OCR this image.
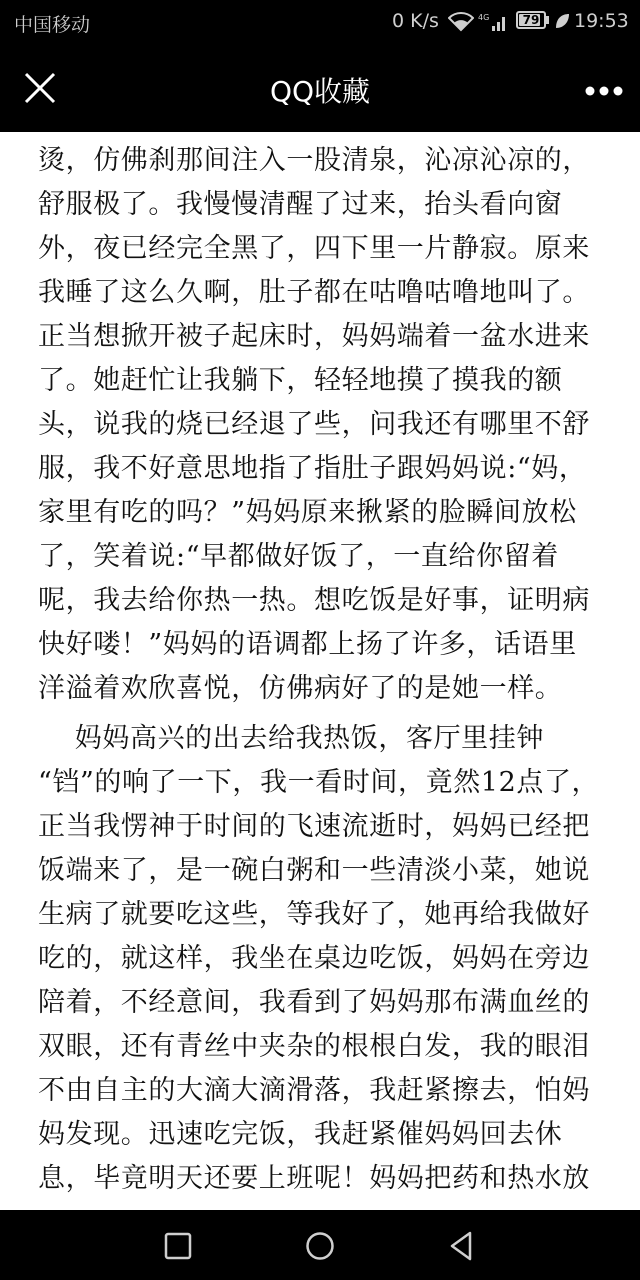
中国移动	0 K/s	4G	79	19:53
QQ收藏
烫，仿佛刹那间注入一股清泉，沁凉沁凉的，
舒服极了。我慢慢清醒了过来，抬头看向窗
外，夜已经完全黑了，四下里一片静寂。原来
我睡了这么久啊，肚子都在咕噜咕噜地叫了。
正当想掀开被子起床时，妈妈端着一盆水进来
了。她赶忙让我躺下，轻轻地摸了摸我的额
头，说我的烧已经退了些，问我还有哪里不舒
服，我不好意思地指了指肚子跟妈妈说:“妈，
家里有吃的吗？”妈妈原来揪紧的脸瞬间放松
了，笑着说:“早都做好饭了，一直给你留着
呢，我去给你热一热。想吃饭是好事，证明病
快好喽！”妈妈的语调都上扬了许多，话语里
洋溢着欢欣喜悦，仿佛病好了的是她一样。
　 妈妈高兴的出去给我热饭，客厅里挂钟
“铛”的响了一下，我一看时间，竟然12点了，
正当我愣神于时间的飞速流逝时，妈妈已经把
饭端来了，是一碗白粥和一些清淡小菜，她说
生病了就要吃这些，等我好了，她再给我做好
吃的，就这样，我坐在桌边吃饭，妈妈在旁边
陪着，不经意间，我看到了妈妈那布满血丝的
双眼，还有青丝中夹杂的根根白发，我的眼泪
不由自主的大滴大滴滑落，我赶紧擦去，怕妈
妈发现。迅速吃完饭，我赶紧催妈妈回去休
息，毕竟明天还要上班呢！妈妈把药和热水放
